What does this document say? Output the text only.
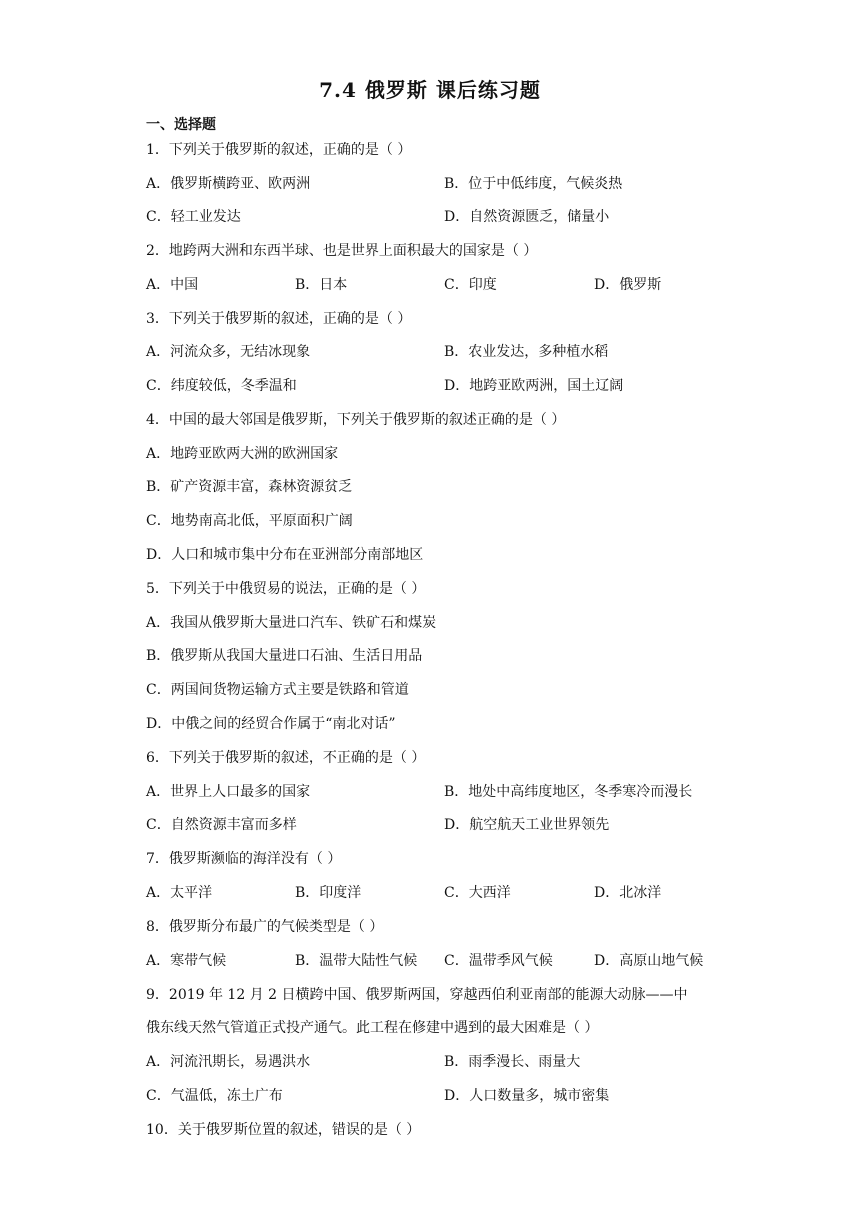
7.4 俄罗斯 课后练习题
一、选择题
1．下列关于俄罗斯的叙述，正确的是（ ）
A．俄罗斯横跨亚、欧两洲	B．位于中低纬度，气候炎热
C．轻工业发达	D．自然资源匮乏，储量小
2．地跨两大洲和东西半球、也是世界上面积最大的国家是（ ）
A．中国	B．日本	C．印度	D．俄罗斯
3．下列关于俄罗斯的叙述，正确的是（ ）
A．河流众多，无结冰现象	B．农业发达，多种植水稻
C．纬度较低，冬季温和	D．地跨亚欧两洲，国土辽阔
4．中国的最大邻国是俄罗斯，下列关于俄罗斯的叙述正确的是（ ）
A．地跨亚欧两大洲的欧洲国家
B．矿产资源丰富，森林资源贫乏
C．地势南高北低，平原面积广阔
D．人口和城市集中分布在亚洲部分南部地区
5．下列关于中俄贸易的说法，正确的是（ ）
A．我国从俄罗斯大量进口汽车、铁矿石和煤炭
B．俄罗斯从我国大量进口石油、生活日用品
C．两国间货物运输方式主要是铁路和管道
D．中俄之间的经贸合作属于“南北对话”
6．下列关于俄罗斯的叙述，不正确的是（ ）
A．世界上人口最多的国家	B．地处中高纬度地区，冬季寒冷而漫长
C．自然资源丰富而多样	D．航空航天工业世界领先
7．俄罗斯濒临的海洋没有（ ）
A．太平洋	B．印度洋	C．大西洋	D．北冰洋
8．俄罗斯分布最广的气候类型是（ ）
A．寒带气候	B．温带大陆性气候 C．温带季风气候	D．高原山地气候
9．2019 年 12 月 2 日横跨中国、俄罗斯两国，穿越西伯利亚南部的能源大动脉——中
俄东线天然气管道正式投产通气。此工程在修建中遇到的最大困难是（ ）
A．河流汛期长，易遇洪水	B．雨季漫长、雨量大
C．气温低，冻土广布	D．人口数量多，城市密集
10．关于俄罗斯位置的叙述，错误的是（ ）
